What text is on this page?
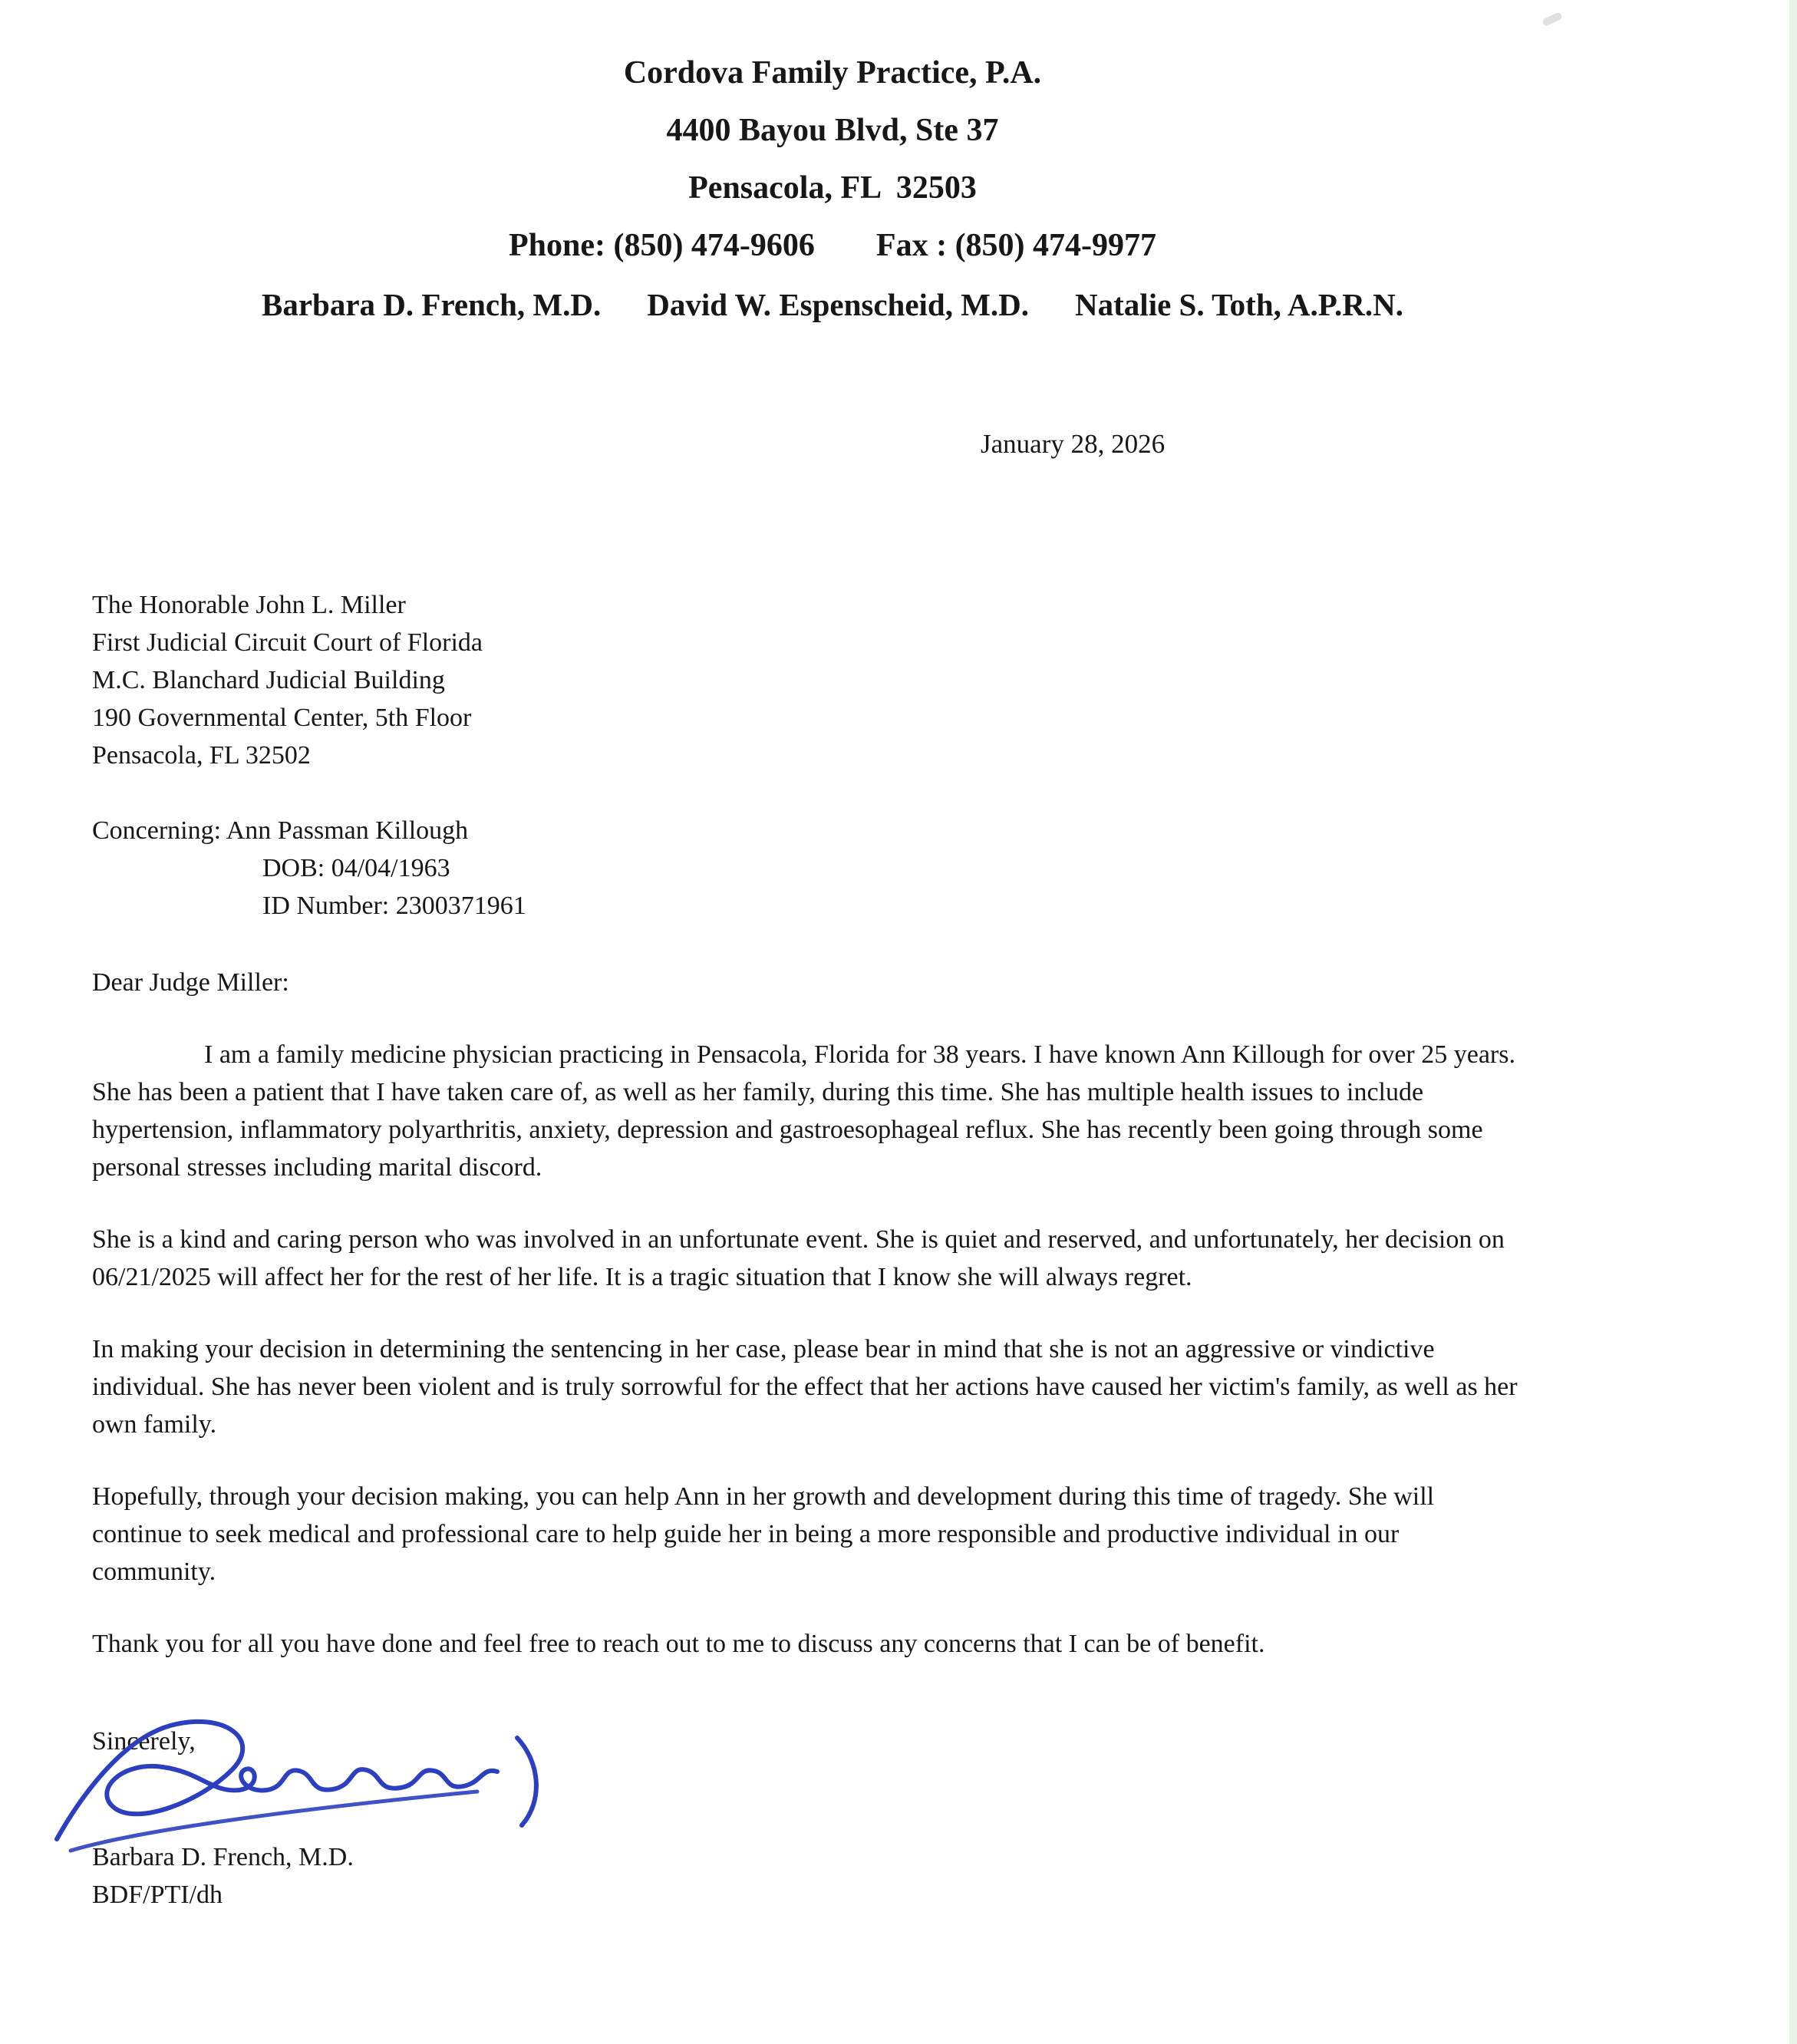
Cordova Family Practice, P.A.
4400 Bayou Blvd, Ste 37
Pensacola, FL  32503
Phone: (850) 474-9606 Fax : (850) 474-9977
Barbara D. French, M.D. David W. Espenscheid, M.D. Natalie S. Toth, A.P.R.N.
January 28, 2026
The Honorable John L. Miller
First Judicial Circuit Court of Florida
M.C. Blanchard Judicial Building
190 Governmental Center, 5th Floor
Pensacola, FL 32502
Concerning: Ann Passman Killough
DOB: 04/04/1963
ID Number: 2300371961
Dear Judge Miller:

I am a family medicine physician practicing in Pensacola, Florida for 38 years. I have known Ann Killough for over 25 years. She has been a patient that I have taken care of, as well as her family, during this time. She has multiple health issues to include hypertension, inflammatory polyarthritis, anxiety, depression and gastroesophageal reflux. She has recently been going through some personal stresses including marital discord.

She is a kind and caring person who was involved in an unfortunate event. She is quiet and reserved, and unfortunately, her decision on 06/21/2025 will affect her for the rest of her life. It is a tragic situation that I know she will always regret.

In making your decision in determining the sentencing in her case, please bear in mind that she is not an aggressive or vindictive individual. She has never been violent and is truly sorrowful for the effect that her actions have caused her victim's family, as well as her own family.

Hopefully, through your decision making, you can help Ann in her growth and development during this time of tragedy. She will continue to seek medical and professional care to help guide her in being a more responsible and productive individual in our community.

Thank you for all you have done and feel free to reach out to me to discuss any concerns that I can be of benefit.

Sincerely,
Barbara D. French, M.D.
BDF/PTI/dh
